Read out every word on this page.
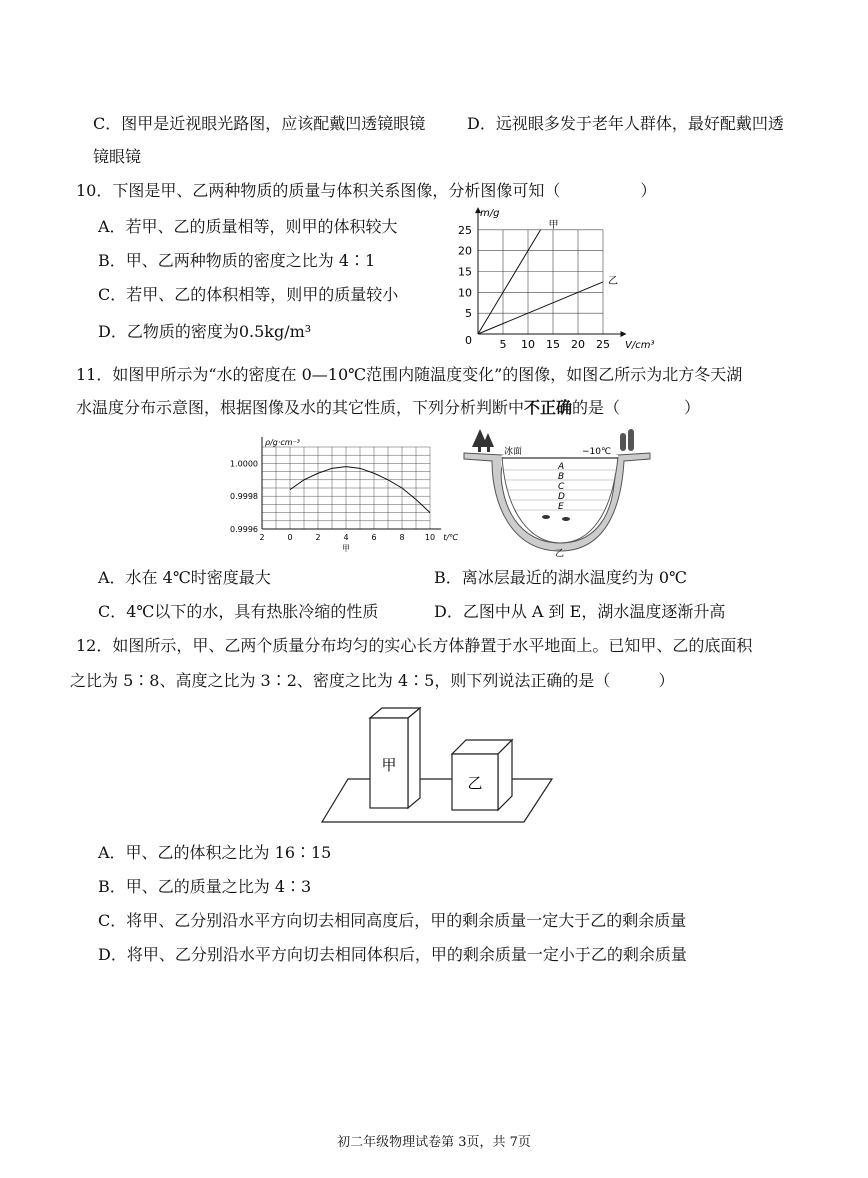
C．图甲是近视眼光路图，应该配戴凹透镜眼镜	D．远视眼多发于老年人群体，最好配戴凹透
镜眼镜
10．下图是甲、乙两种物质的质量与体积关系图像，分析图像可知（　　　　　）
A．若甲、乙的质量相等，则甲的体积较大
B．甲、乙两种物质的密度之比为 4∶1
C．若甲、乙的体积相等，则甲的质量较小
D．乙物质的密度为0.5kg/m³
5 10 15 20 25
5
10
15
20
25
0	V/cm³
m/g
甲
乙
11．如图甲所示为“水的密度在 0—10℃范围内随温度变化”的图像，如图乙所示为北方冬天湖
水温度分布示意图，根据图像及水的其它性质，下列分析判断中不正确的是（　　　　）
2	0	2	4	6	8	10
1.0000
0.9998
0.9996
t/℃
ρ/g·cm⁻³
甲
冰面	−10℃
A
B
C
D
E
乙
A．水在 4℃时密度最大	B．离冰层最近的湖水温度约为 0℃
C．4℃以下的水，具有热胀冷缩的性质	D．乙图中从 A 到 E，湖水温度逐渐升高
12．如图所示，甲、乙两个质量分布均匀的实心长方体静置于水平地面上。已知甲、乙的底面积
之比为 5∶8、高度之比为 3∶2、密度之比为 4∶5，则下列说法正确的是（　　　）
甲
乙
A．甲、乙的体积之比为 16∶15
B．甲、乙的质量之比为 4∶3
C．将甲、乙分别沿水平方向切去相同高度后，甲的剩余质量一定大于乙的剩余质量
D．将甲、乙分别沿水平方向切去相同体积后，甲的剩余质量一定小于乙的剩余质量
初二年级物理试卷第 3页，共 7页
